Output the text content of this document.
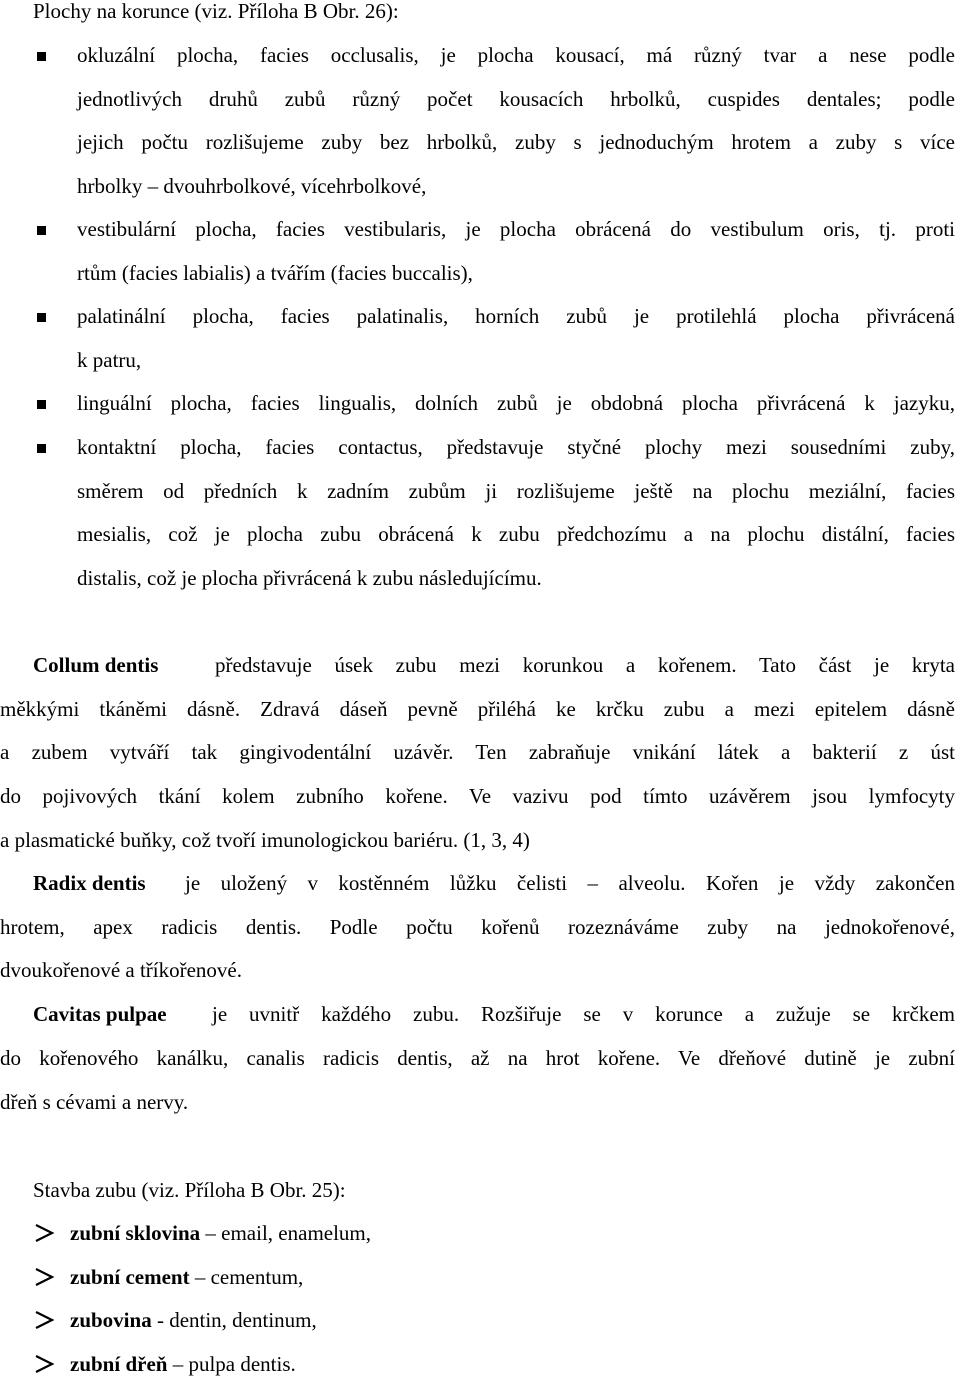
Plochy na korunce (viz. Příloha B Obr. 26):
okluzální plocha, facies occlusalis, je plocha kousací, má různý tvar a nese podle
jednotlivých druhů zubů různý počet kousacích hrbolků, cuspides dentales; podle
jejich počtu rozlišujeme zuby bez hrbolků, zuby s jednoduchým hrotem a zuby s více
hrbolky – dvouhrbolkové, vícehrbolkové,
vestibulární plocha, facies vestibularis, je plocha obrácená do vestibulum oris, tj. proti
rtům (facies labialis) a tvářím (facies buccalis),
palatinální plocha, facies palatinalis, horních zubů je protilehlá plocha přivrácená
k patru,
linguální plocha, facies lingualis, dolních zubů je obdobná plocha přivrácená k jazyku,
kontaktní plocha, facies contactus, představuje styčné plochy mezi sousedními zuby,
směrem od předních k zadním zubům ji rozlišujeme ještě na plochu meziální, facies
mesialis, což je plocha zubu obrácená k zubu předchozímu a na plochu distální, facies
distalis, což je plocha přivrácená k zubu následujícímu.
Collum dentis	představuje úsek zubu mezi korunkou a kořenem. Tato část je kryta
měkkými tkáněmi dásně. Zdravá dáseň pevně přiléhá ke krčku zubu a mezi epitelem dásně
a zubem vytváří tak gingivodentální uzávěr. Ten zabraňuje vnikání látek a bakterií z úst
do pojivových tkání kolem zubního kořene. Ve vazivu pod tímto uzávěrem jsou lymfocyty
a plasmatické buňky, což tvoří imunologickou bariéru. (1, 3, 4)
Radix dentis je uložený v kostěnném lůžku čelisti – alveolu. Kořen je vždy zakončen
hrotem, apex radicis dentis. Podle počtu kořenů rozeznáváme zuby na jednokořenové,
dvoukořenové a tříkořenové.
Cavitas pulpae je uvnitř každého zubu. Rozšiřuje se v korunce a zužuje se krčkem
do kořenového kanálku, canalis radicis dentis, až na hrot kořene. Ve dřeňové dutině je zubní
dřeň s cévami a nervy.
Stavba zubu (viz. Příloha B Obr. 25):
zubní sklovina – email, enamelum,
zubní cement – cementum,
zubovina - dentin, dentinum,
zubní dřeň – pulpa dentis.
